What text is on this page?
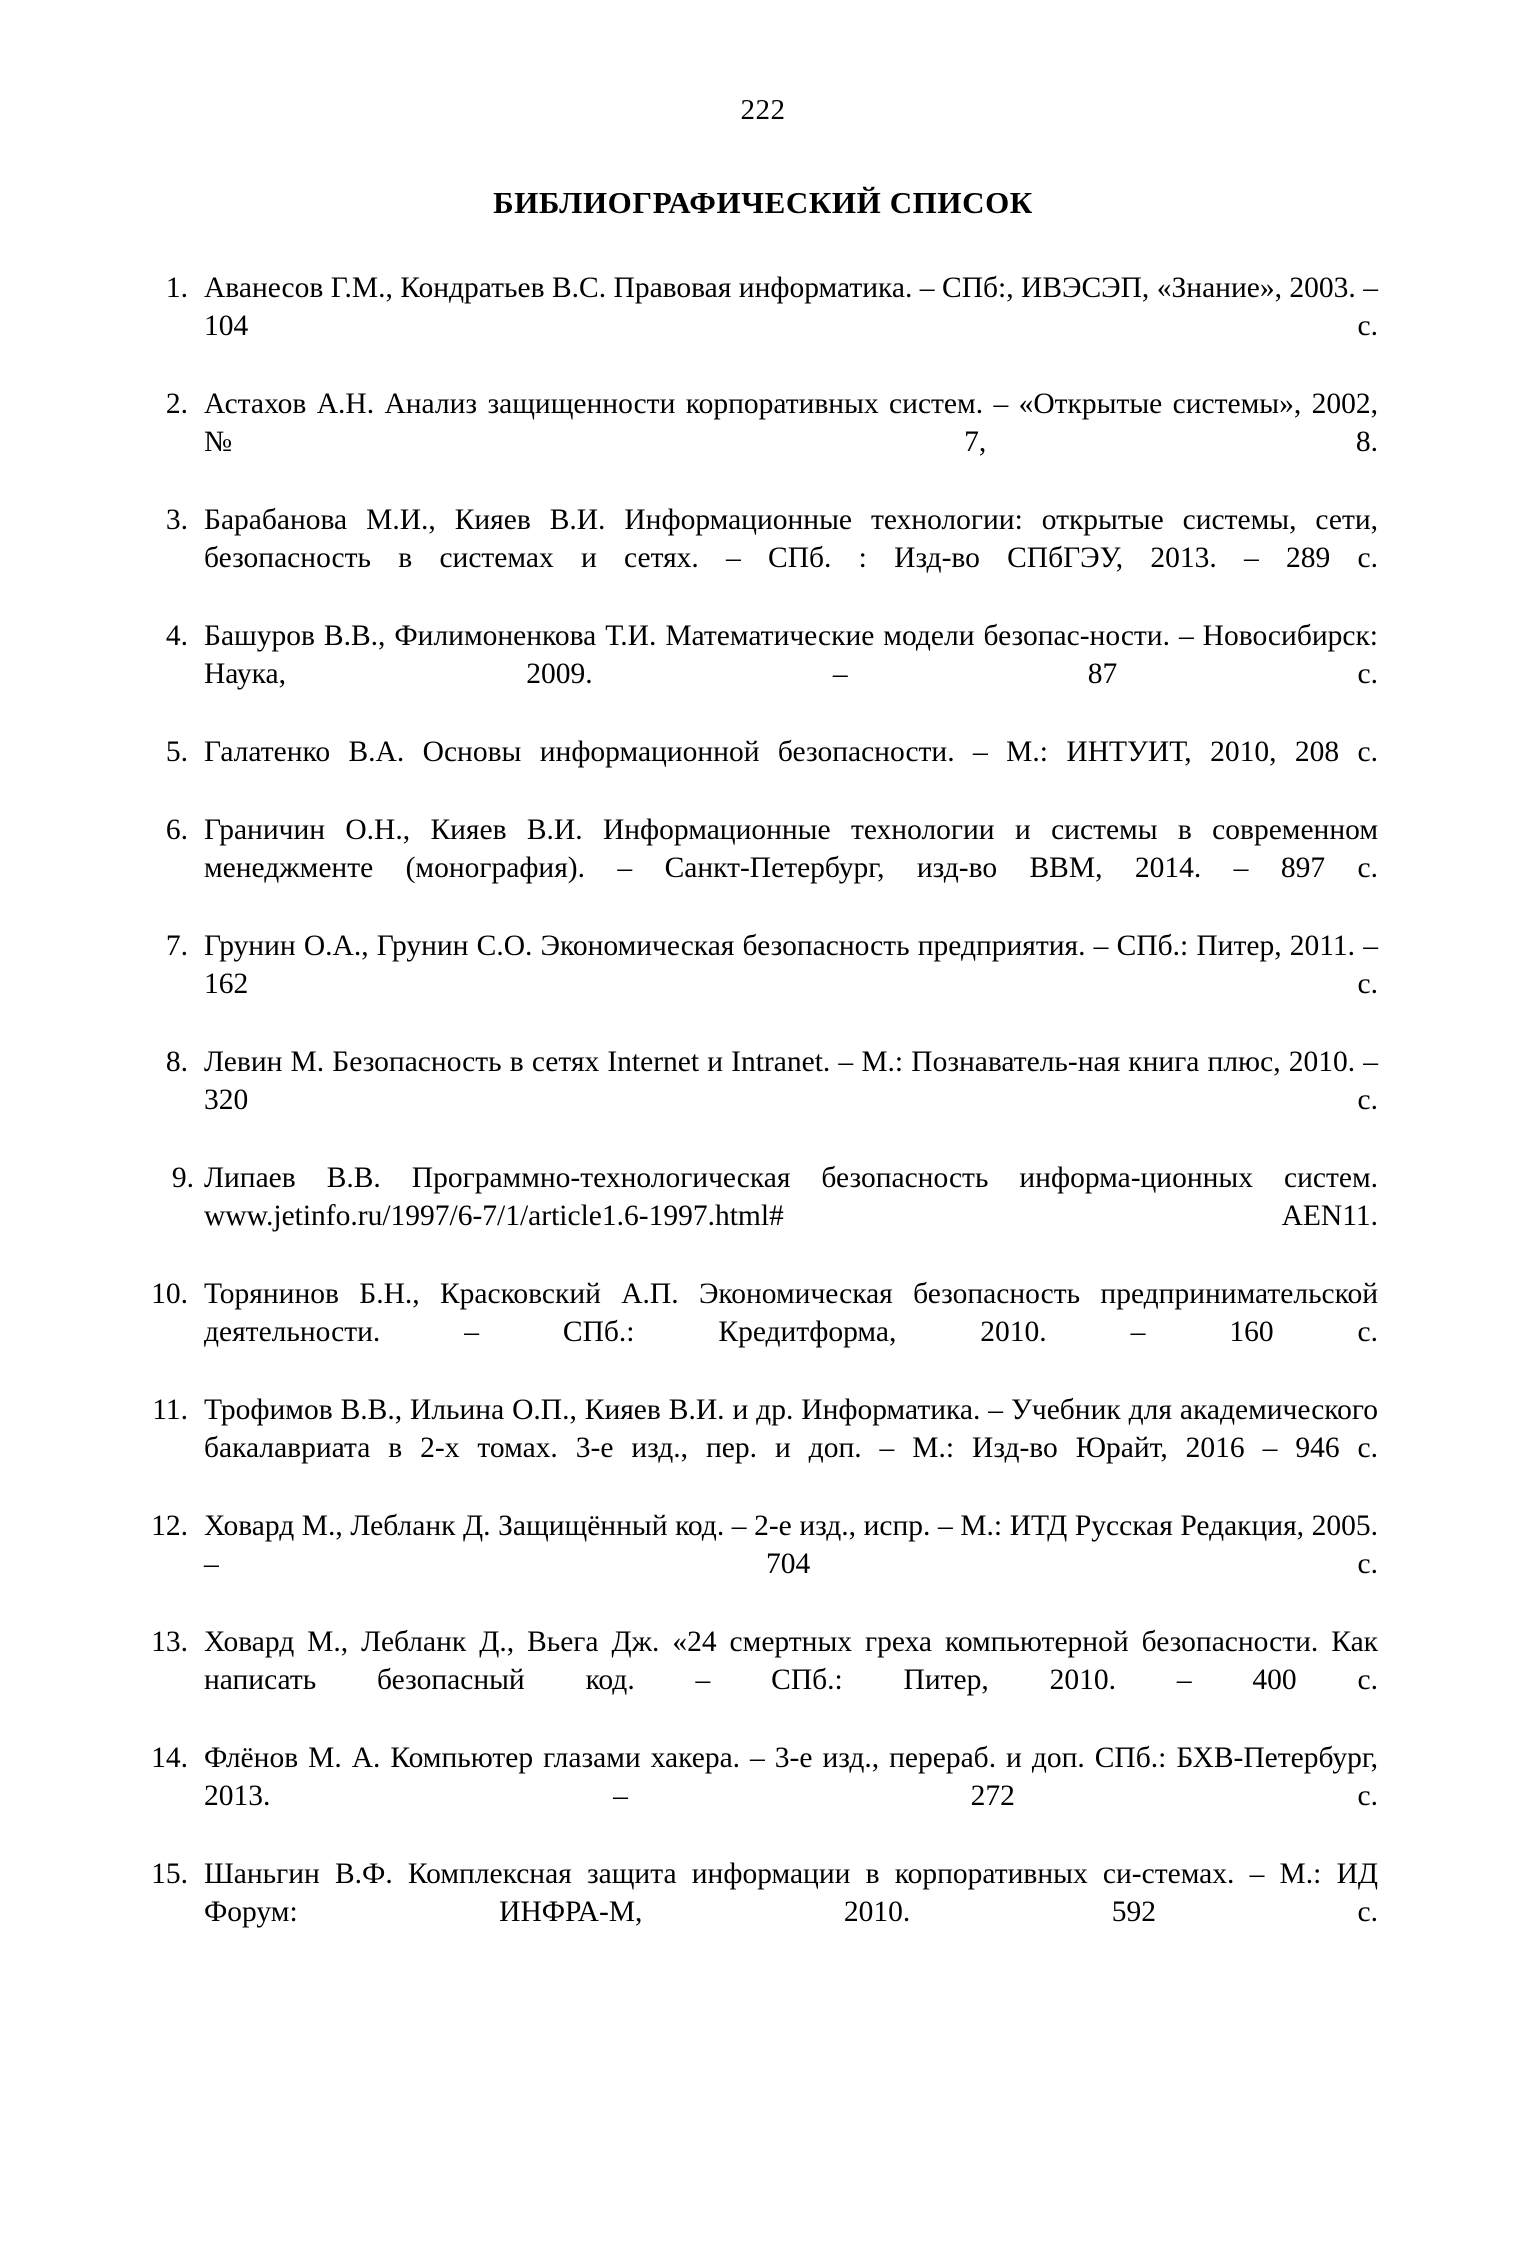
222
БИБЛИОГРАФИЧЕСКИЙ СПИСОК
1. Аванесов Г.М., Кондратьев В.С. Правовая информатика. – СПб:, ИВЭСЭП, «Знание», 2003. – 104 с.
2. Астахов А.Н. Анализ защищенности корпоративных систем. – «Открытые системы», 2002, № 7, 8.
3. Барабанова М.И., Кияев В.И. Информационные технологии: открытые системы, сети, безопасность в системах и сетях. – СПб. : Изд-во СПбГЭУ, 2013. – 289 с.
4. Башуров В.В., Филимоненкова Т.И. Математические модели безопас-ности. – Новосибирск: Наука, 2009. – 87 с.
5. Галатенко В.А. Основы информационной безопасности. – М.: ИНТУИТ, 2010, 208 с.
6. Граничин О.Н., Кияев В.И. Информационные технологии и системы в современном менеджменте (монография). – Санкт-Петербург, изд-во ВВМ, 2014. – 897 с.
7. Грунин О.А., Грунин С.О. Экономическая безопасность предприятия. – СПб.: Питер, 2011. – 162 с.
8. Левин М. Безопасность в сетях Internet и Intranet. – М.: Познаватель-ная книга плюс, 2010. – 320 с.
9. Липаев В.В. Программно-технологическая безопасность информа-ционных систем. www.jetinfo.ru/1997/6-7/1/article1.6-1997.html# AEN11.
10. Торянинов Б.Н., Красковский А.П. Экономическая безопасность предпринимательской деятельности. – СПб.: Кредитформа, 2010. – 160 с.
11. Трофимов В.В., Ильина О.П., Кияев В.И. и др. Информатика. – Учебник для академического бакалавриата в 2-х томах. 3-е изд., пер. и доп. – М.: Изд-во Юрайт, 2016 – 946 с.
12. Ховард М., Лебланк Д. Защищённый код. – 2-е изд., испр. – М.: ИТД Русская Редакция, 2005. – 704 с.
13. Ховард М., Лебланк Д., Вьега Дж. «24 смертных греха компьютерной безопасности. Как написать безопасный код. – СПб.: Питер, 2010. – 400 с.
14. Флёнов М. А. Компьютер глазами хакера. – 3-е изд., перераб. и доп. СПб.: БХВ-Петербург, 2013. – 272 с.
15. Шаньгин В.Ф. Комплексная защита информации в корпоративных си-стемах. – М.: ИД Форум: ИНФРА-М, 2010. 592 с.
